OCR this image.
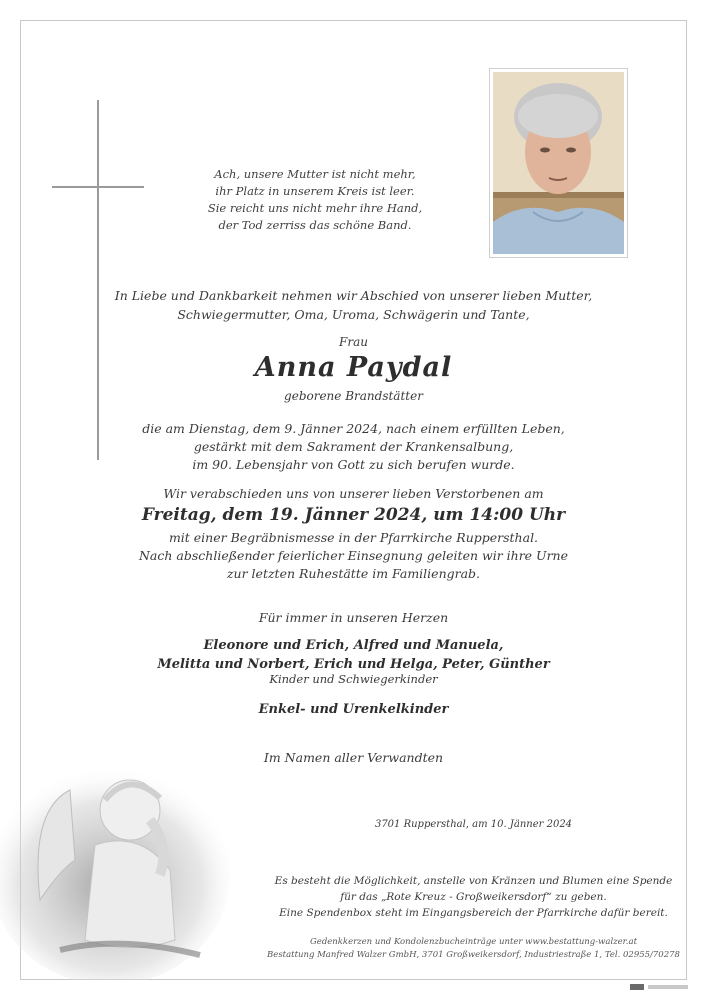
Ach, unsere Mutter ist nicht mehr,
ihr Platz in unserem Kreis ist leer.
Sie reicht uns nicht mehr ihre Hand,
der Tod zerriss das schöne Band.
In Liebe und Dankbarkeit nehmen wir Abschied von unserer lieben Mutter,
Schwiegermutter, Oma, Uroma, Schwägerin und Tante,
Frau
Anna Paydal
geborene Brandstätter
die am Dienstag, dem 9. Jänner 2024, nach einem erfüllten Leben,
gestärkt mit dem Sakrament der Krankensalbung,
im 90. Lebensjahr von Gott zu sich berufen wurde.
Wir verabschieden uns von unserer lieben Verstorbenen am
Freitag, dem 19. Jänner 2024, um 14:00 Uhr
mit einer Begräbnismesse in der Pfarrkirche Ruppersthal.
Nach abschließender feierlicher Einsegnung geleiten wir ihre Urne
zur letzten Ruhestätte im Familiengrab.
Für immer in unseren Herzen
Eleonore und Erich, Alfred und Manuela,
Melitta und Norbert, Erich und Helga, Peter, Günther
Kinder und Schwiegerkinder
Enkel- und Urenkelkinder
Im Namen aller Verwandten
3701 Ruppersthal, am 10. Jänner 2024
Es besteht die Möglichkeit, anstelle von Kränzen und Blumen eine Spende
für das „Rote Kreuz - Großweikersdorf“ zu geben.
Eine Spendenbox steht im Eingangsbereich der Pfarrkirche dafür bereit.
Gedenkkerzen und Kondolenzbucheinträge unter www.bestattung-walzer.at
Bestattung Manfred Walzer GmbH, 3701 Großweikersdorf, Industriestraße 1, Tel. 02955/70278
